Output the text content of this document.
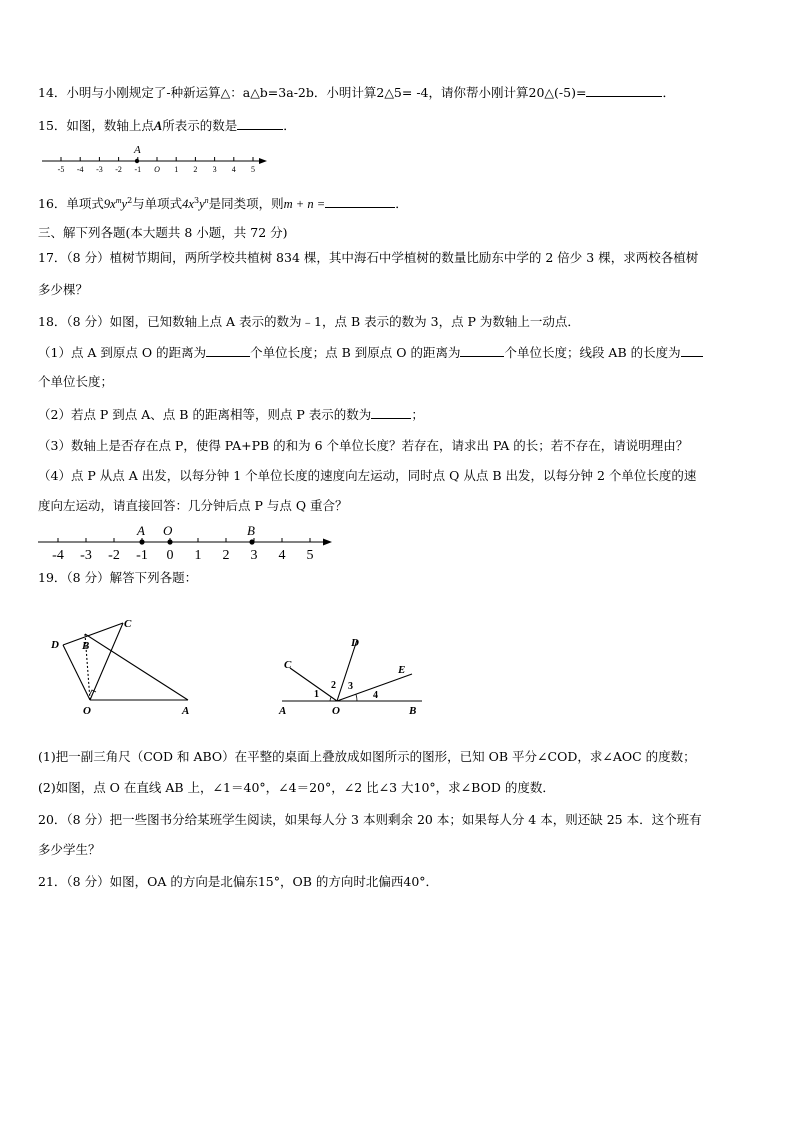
14．小明与小刚规定了-种新运算△：a△b=3a-2b．小明计算2△5= -4，请你帮小刚计算20△(-5)=	．
15．如图，数轴上点A所表示的数是	．
-5 -4 -3 -2 -1 O 1 2 3 4 5
A
16．单项式$9x^my^2$与单项式$4x^3y^n$是同类项，则m + n =	．
三、解下列各题(本大题共 8 小题，共 72 分)
17．（8 分）植树节期间，两所学校共植树 834 棵，其中海石中学植树的数量比励东中学的 2 倍少 3 棵，求两校各植树
多少棵？
18．（8 分）如图，已知数轴上点 A 表示的数为﹣1，点 B 表示的数为 3，点 P 为数轴上一动点．
（1）点 A 到原点 O 的距离为	个单位长度；点 B 到原点 O 的距离为	个单位长度；线段 AB 的长度为
个单位长度；
（2）若点 P 到点 A、点 B 的距离相等，则点 P 表示的数为	；
（3）数轴上是否存在点 P，使得 PA+PB 的和为 6 个单位长度？若存在，请求出 PA 的长；若不存在，请说明理由？
（4）点 P 从点 A 出发，以每分钟 1 个单位长度的速度向左运动，同时点 Q 从点 B 出发，以每分钟 2 个单位长度的速
度向左运动，请直接回答：几分钟后点 P 与点 Q 重合？
-4 -3 -2 -1 0 1 2 3 4 5
A O	B
19．（8 分）解答下列各题：
D B
C
O	A
C
D
E
A	O	B
1
2 3
4
(1)把一副三角尺（COD 和 ABO）在平整的桌面上叠放成如图所示的图形，已知 OB 平分∠COD，求∠AOC 的度数；
(2)如图，点 O 在直线 AB 上，∠1＝40°，∠4＝20°，∠2 比∠3 大10°，求∠BOD 的度数．
20．（8 分）把一些图书分给某班学生阅读，如果每人分 3 本则剩余 20 本；如果每人分 4 本，则还缺 25 本．这个班有
多少学生？
21．（8 分）如图，OA 的方向是北偏东15°，OB 的方向时北偏西40°．
